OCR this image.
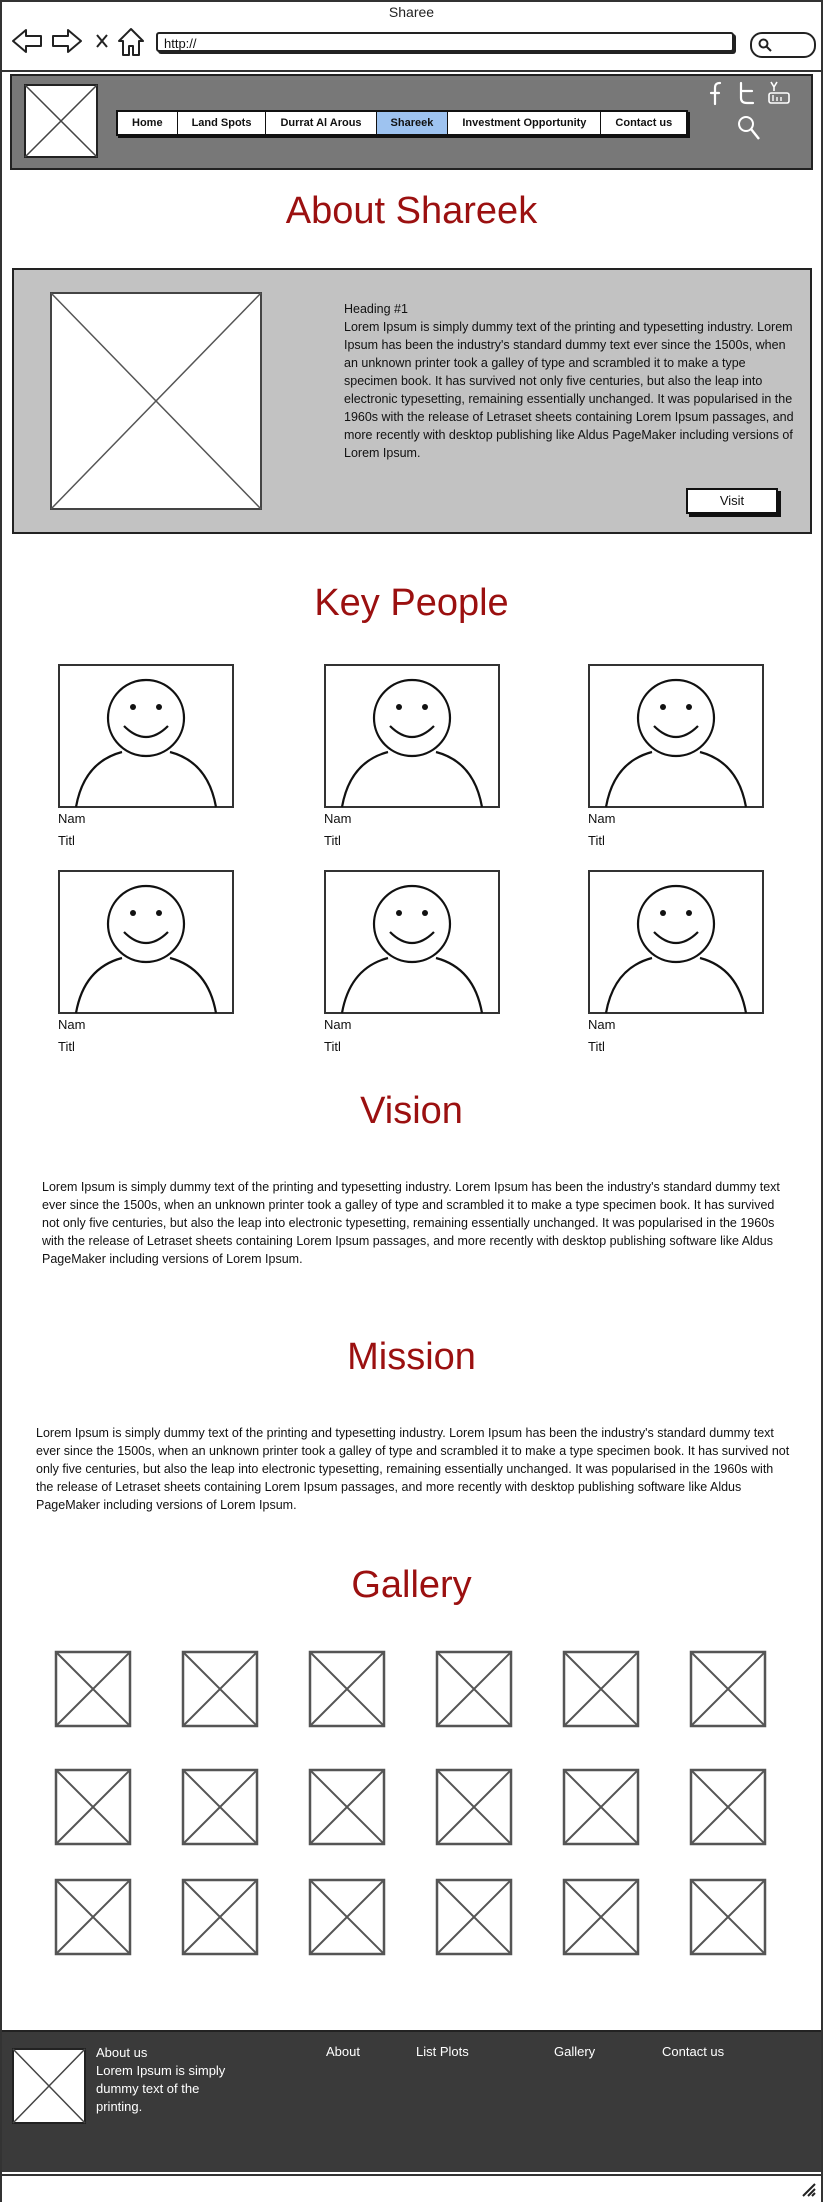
Sharee
http://
Home	Land Spots	Durrat Al Arous	Shareek	Investment Opportunity	Contact us
About Shareek
Heading #1
Lorem Ipsum is simply dummy text of the printing and typesetting industry. Lorem Ipsum has been the industry's standard dummy text ever since the 1500s, when an unknown printer took a galley of type and scrambled it to make a type specimen book. It has survived not only five centuries, but also the leap into electronic typesetting, remaining essentially unchanged. It was popularised in the 1960s with the release of Letraset sheets containing Lorem Ipsum passages, and more recently with desktop publishing like Aldus PageMaker including versions of Lorem Ipsum.
Visit
Key People
Nam
Titl
Nam
Titl
Nam
Titl
Nam
Titl
Nam
Titl
Nam
Titl
Vision
Lorem Ipsum is simply dummy text of the printing and typesetting industry. Lorem Ipsum has been the industry's standard dummy text ever since the 1500s, when an unknown printer took a galley of type and scrambled it to make a type specimen book. It has survived not only five centuries, but also the leap into electronic typesetting, remaining essentially unchanged. It was popularised in the 1960s with the release of Letraset sheets containing Lorem Ipsum passages, and more recently with desktop publishing software like Aldus PageMaker including versions of Lorem Ipsum.
Mission
Lorem Ipsum is simply dummy text of the printing and typesetting industry. Lorem Ipsum has been the industry's standard dummy text ever since the 1500s, when an unknown printer took a galley of type and scrambled it to make a type specimen book. It has survived not only five centuries, but also the leap into electronic typesetting, remaining essentially unchanged. It was popularised in the 1960s with the release of Letraset sheets containing Lorem Ipsum passages, and more recently with desktop publishing software like Aldus PageMaker including versions of Lorem Ipsum.
Gallery
About us
Lorem Ipsum is simply dummy text of the printing.
About	List Plots	Gallery	Contact us
